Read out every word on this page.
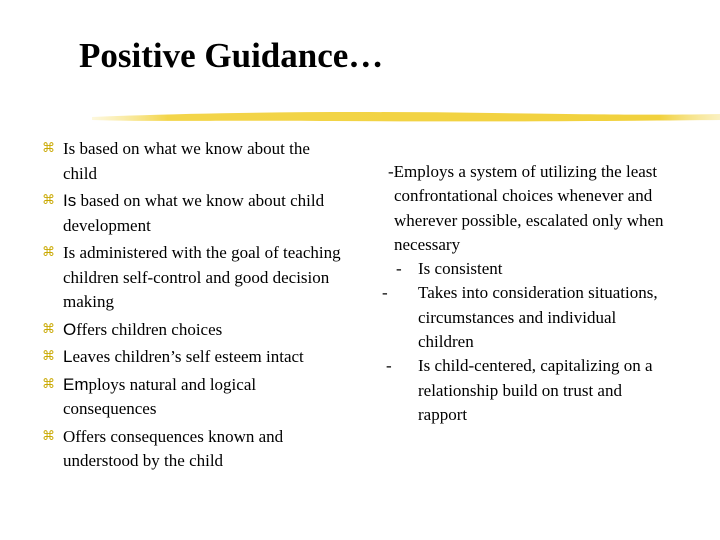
Positive Guidance…
⌘ Is based on what we know about the child
⌘ Is based on what we know about child development
⌘ Is administered with the goal of teaching children self-control and good decision making
⌘ Offers children choices
⌘ Leaves children’s self esteem intact
⌘ Employs natural and logical consequences
⌘ Offers consequences known and understood by the child
-Employs a system of utilizing the least confrontational choices whenever and wherever possible, escalated only when necessary
- Is consistent
-	Takes into consideration situations, circumstances and individual children
-	Is child-centered, capitalizing on a relationship build on trust and rapport
